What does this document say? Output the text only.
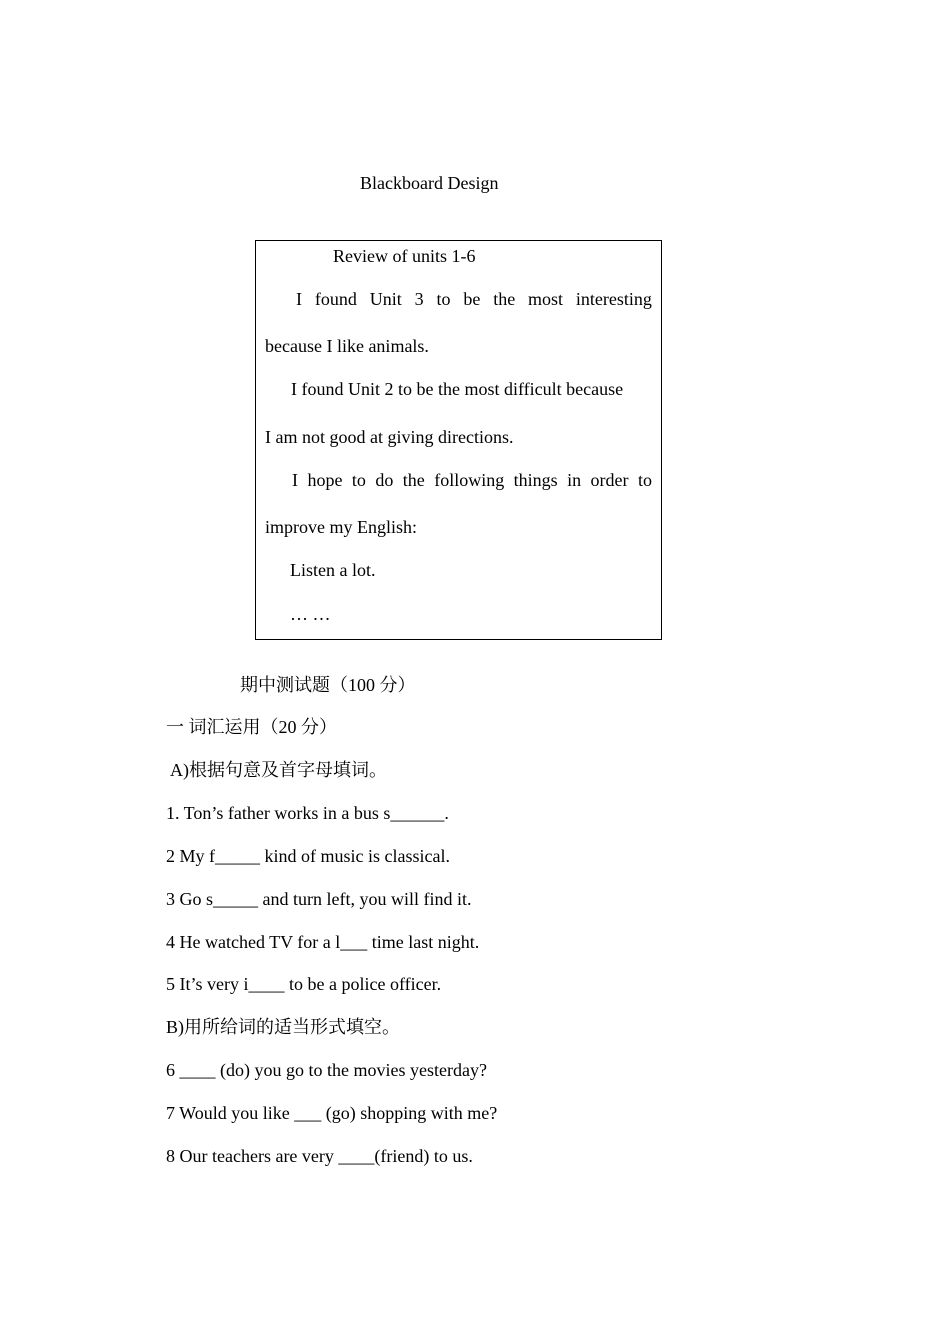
Blackboard Design
Review of units 1-6
I found Unit 3 to be the most interesting
because I like animals.
I found Unit 2 to be the most difficult because
I am not good at giving directions.
I hope to do the following things in order to
improve my English:
Listen a lot.
… …
期中测试题（100 分）
一 词汇运用（20 分）
A)根据句意及首字母填词。
1. Ton’s father works in a bus s______.
2 My f_____ kind of music is classical.
3 Go s_____ and turn left, you will find it.
4 He watched TV for a l___ time last night.
5 It’s very i____ to be a police officer.
B)用所给词的适当形式填空。
6 ____ (do) you go to the movies yesterday?
7 Would you like ___ (go) shopping with me?
8 Our teachers are very ____(friend) to us.
